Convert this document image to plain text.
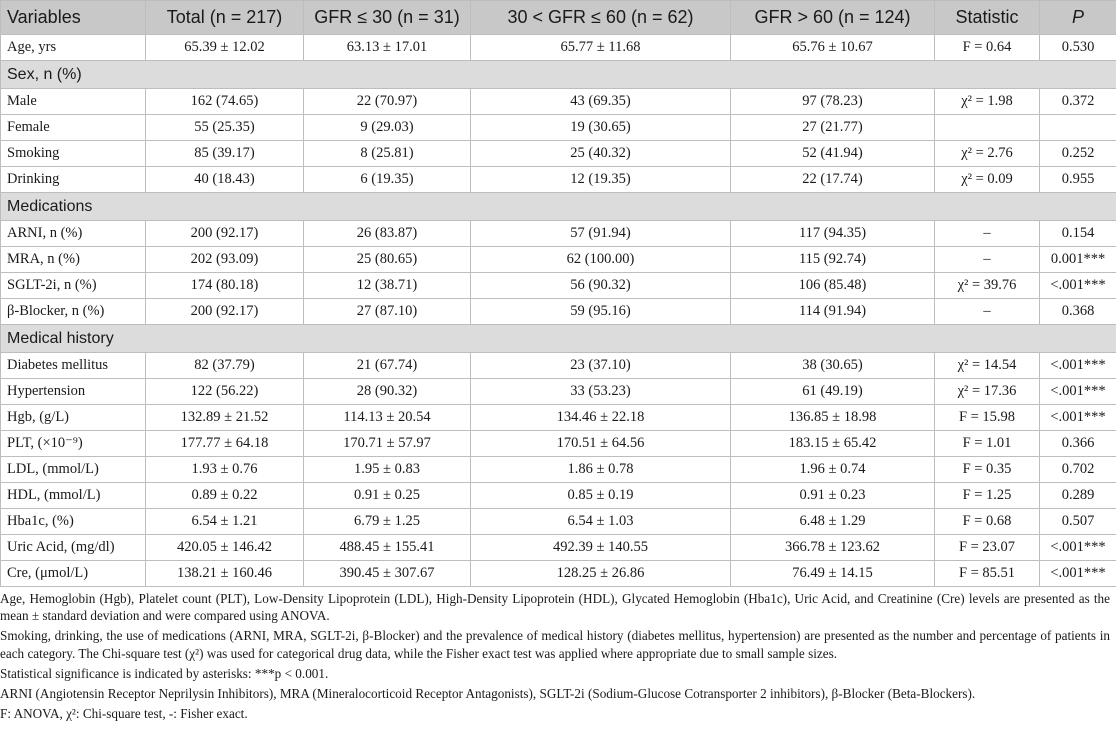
Variables	Total (n = 217)	GFR ≤ 30 (n = 31)	30 < GFR ≤ 60 (n = 62)	GFR > 60 (n = 124)	Statistic	P
Age, yrs	65.39 ± 12.02	63.13 ± 17.01	65.77 ± 11.68	65.76 ± 10.67	F = 0.64	0.530
Sex, n (%)						
Male	162 (74.65)	22 (70.97)	43 (69.35)	97 (78.23)	χ² = 1.98	0.372
Female	55 (25.35)	9 (29.03)	19 (30.65)	27 (21.77)		
Smoking	85 (39.17)	8 (25.81)	25 (40.32)	52 (41.94)	χ² = 2.76	0.252
Drinking	40 (18.43)	6 (19.35)	12 (19.35)	22 (17.74)	χ² = 0.09	0.955
Medications						
ARNI, n (%)	200 (92.17)	26 (83.87)	57 (91.94)	117 (94.35)	–	0.154
MRA, n (%)	202 (93.09)	25 (80.65)	62 (100.00)	115 (92.74)	–	0.001***
SGLT-2i, n (%)	174 (80.18)	12 (38.71)	56 (90.32)	106 (85.48)	χ² = 39.76	<.001***
β-Blocker, n (%)	200 (92.17)	27 (87.10)	59 (95.16)	114 (91.94)	–	0.368
Medical history						
Diabetes mellitus	82 (37.79)	21 (67.74)	23 (37.10)	38 (30.65)	χ² = 14.54	<.001***
Hypertension	122 (56.22)	28 (90.32)	33 (53.23)	61 (49.19)	χ² = 17.36	<.001***
Hgb, (g/L)	132.89 ± 21.52	114.13 ± 20.54	134.46 ± 22.18	136.85 ± 18.98	F = 15.98	<.001***
PLT, (×10⁻⁹)	177.77 ± 64.18	170.71 ± 57.97	170.51 ± 64.56	183.15 ± 65.42	F = 1.01	0.366
LDL, (mmol/L)	1.93 ± 0.76	1.95 ± 0.83	1.86 ± 0.78	1.96 ± 0.74	F = 0.35	0.702
HDL, (mmol/L)	0.89 ± 0.22	0.91 ± 0.25	0.85 ± 0.19	0.91 ± 0.23	F = 1.25	0.289
Hba1c, (%)	6.54 ± 1.21	6.79 ± 1.25	6.54 ± 1.03	6.48 ± 1.29	F = 0.68	0.507
Uric Acid, (mg/dl)	420.05 ± 146.42	488.45 ± 155.41	492.39 ± 140.55	366.78 ± 123.62	F = 23.07	<.001***
Cre, (μmol/L)	138.21 ± 160.46	390.45 ± 307.67	128.25 ± 26.86	76.49 ± 14.15	F = 85.51	<.001***

Age, Hemoglobin (Hgb), Platelet count (PLT), Low-Density Lipoprotein (LDL), High-Density Lipoprotein (HDL), Glycated Hemoglobin (Hba1c), Uric Acid, and Creatinine (Cre) levels are presented as the mean ± standard deviation and were compared using ANOVA.

Smoking, drinking, the use of medications (ARNI, MRA, SGLT-2i, β-Blocker) and the prevalence of medical history (diabetes mellitus, hypertension) are presented as the number and percentage of patients in each category. The Chi-square test (χ²) was used for categorical drug data, while the Fisher exact test was applied where appropriate due to small sample sizes.

Statistical significance is indicated by asterisks: ***p < 0.001.

ARNI (Angiotensin Receptor Neprilysin Inhibitors), MRA (Mineralocorticoid Receptor Antagonists), SGLT-2i (Sodium-Glucose Cotransporter 2 inhibitors), β-Blocker (Beta-Blockers).

F: ANOVA, χ²: Chi-square test, -: Fisher exact.
